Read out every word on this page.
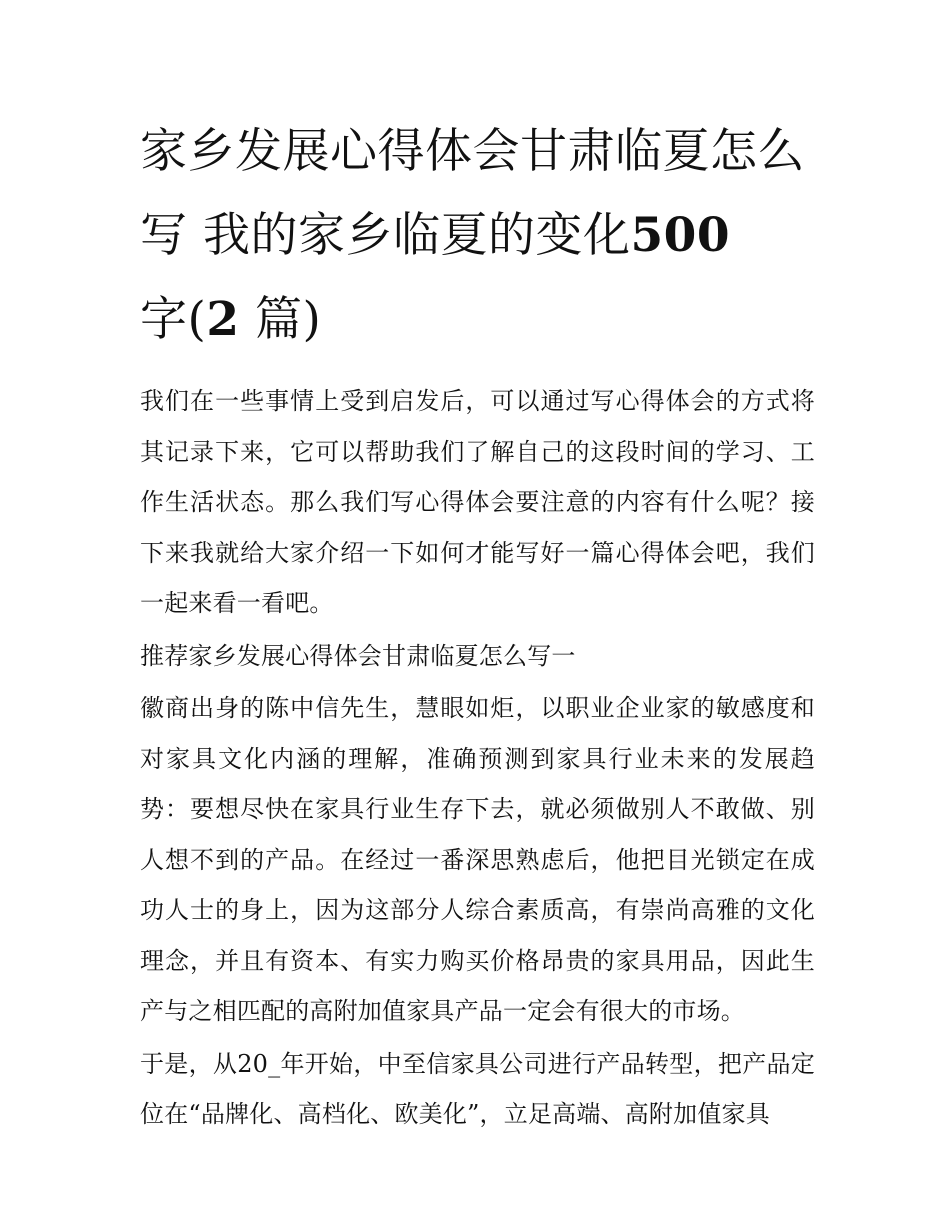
家乡发展心得体会甘肃临夏怎么写 我的家乡临夏的变化500
字(2 篇)

我们在一些事情上受到启发后，可以通过写心得体会的方式将其记录下来，它可以帮助我们了解自己的这段时间的学习、工作生活状态。那么我们写心得体会要注意的内容有什么呢？接下来我就给大家介绍一下如何才能写好一篇心得体会吧，我们一起来看一看吧。

推荐家乡发展心得体会甘肃临夏怎么写一

徽商出身的陈中信先生，慧眼如炬，以职业企业家的敏感度和对家具文化内涵的理解，准确预测到家具行业未来的发展趋势：要想尽快在家具行业生存下去，就必须做别人不敢做、别人想不到的产品。在经过一番深思熟虑后，他把目光锁定在成功人士的身上，因为这部分人综合素质高，有崇尚高雅的文化理念，并且有资本、有实力购买价格昂贵的家具用品，因此生产与之相匹配的高附加值家具产品一定会有很大的市场。

于是，从20_年开始，中至信家具公司进行产品转型，把产品定位在“品牌化、高档化、欧美化”，立足高端、高附加值家具
